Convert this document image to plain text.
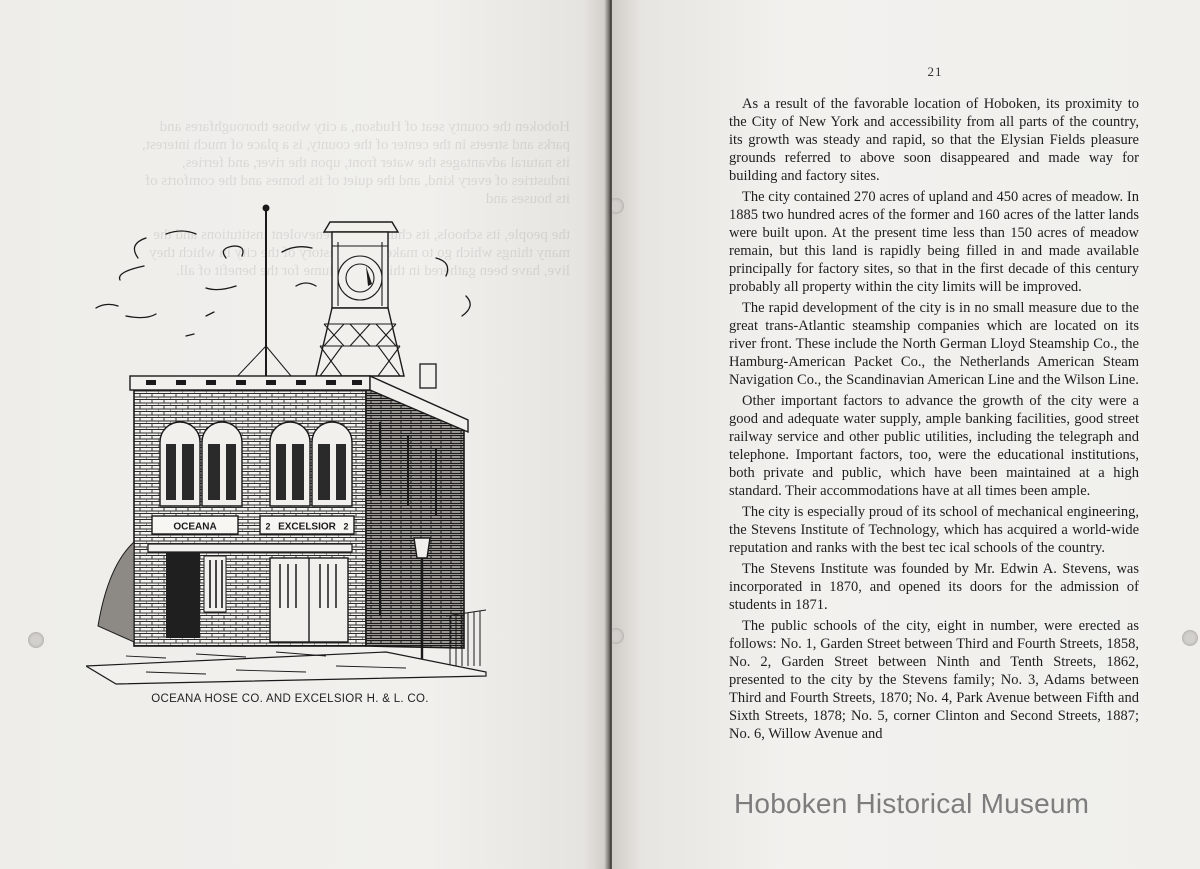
Hoboken the county seat of Hudson, a city whose thoroughfares and parks and streets in the center of the county, is a place of much interest, its natural advantages the water front, upon the river, and ferries, industries of every kind, and the quiet of its homes and the comforts of its houses and

the people, its schools, its   benevolent institutions and the many things which go to make   history of the city in which they live, have been gathered in this  volume for the benefit of all.
OCEANA	EXCELSIOR
2	2
OCEANA HOSE CO. AND EXCELSIOR H. & L. CO.
21

As a result of the favorable location of Hoboken, its proximity to the City of New York and accessibility from all parts of the country, its growth was steady and rapid, so that the Elysian Fields pleasure grounds referred to above soon disappeared and made way for building and factory sites.

The city contained 270 acres of upland and 450 acres of meadow. In 1885 two hundred acres of the former and 160 acres of the latter lands were built upon. At the present time less than 150 acres of meadow remain, but this land is rapidly being filled in and made available principally for factory sites, so that in the first decade of this century probably all property within the city limits will be improved.

The rapid development of the city is in no small measure due to the great trans-Atlantic steamship companies which are located on its river front. These include the North German Lloyd Steamship Co., the Hamburg-American Packet Co., the Netherlands American Steam Navigation Co., the Scandinavian American Line and the Wilson Line.

Other important factors to advance the growth of the city were a good and adequate water supply, ample banking facilities, good street railway service and other public utilities, including the telegraph and telephone. Important factors, too, were the educational institutions, both private and public, which have been maintained at a high standard. Their accommodations have at all times been ample.

The city is especially proud of its school of mechanical engineering, the Stevens Institute of Technology, which has acquired a world-wide reputation and ranks with the best tec ical schools of the country.

The Stevens Institute was founded by Mr. Edwin A. Stevens, was incorporated in 1870, and opened its doors for the admission of students in 1871.

The public schools of the city, eight in number, were erected as follows: No. 1, Garden Street between Third and Fourth Streets, 1858, No. 2, Garden Street between Ninth and Tenth Streets, 1862, presented to the city by the Stevens family; No. 3, Adams between Third and Fourth Streets, 1870; No. 4, Park Avenue between Fifth and Sixth Streets, 1878; No. 5, corner Clinton and Second Streets, 1887; No. 6, Willow Avenue and

Hoboken Historical Museum
